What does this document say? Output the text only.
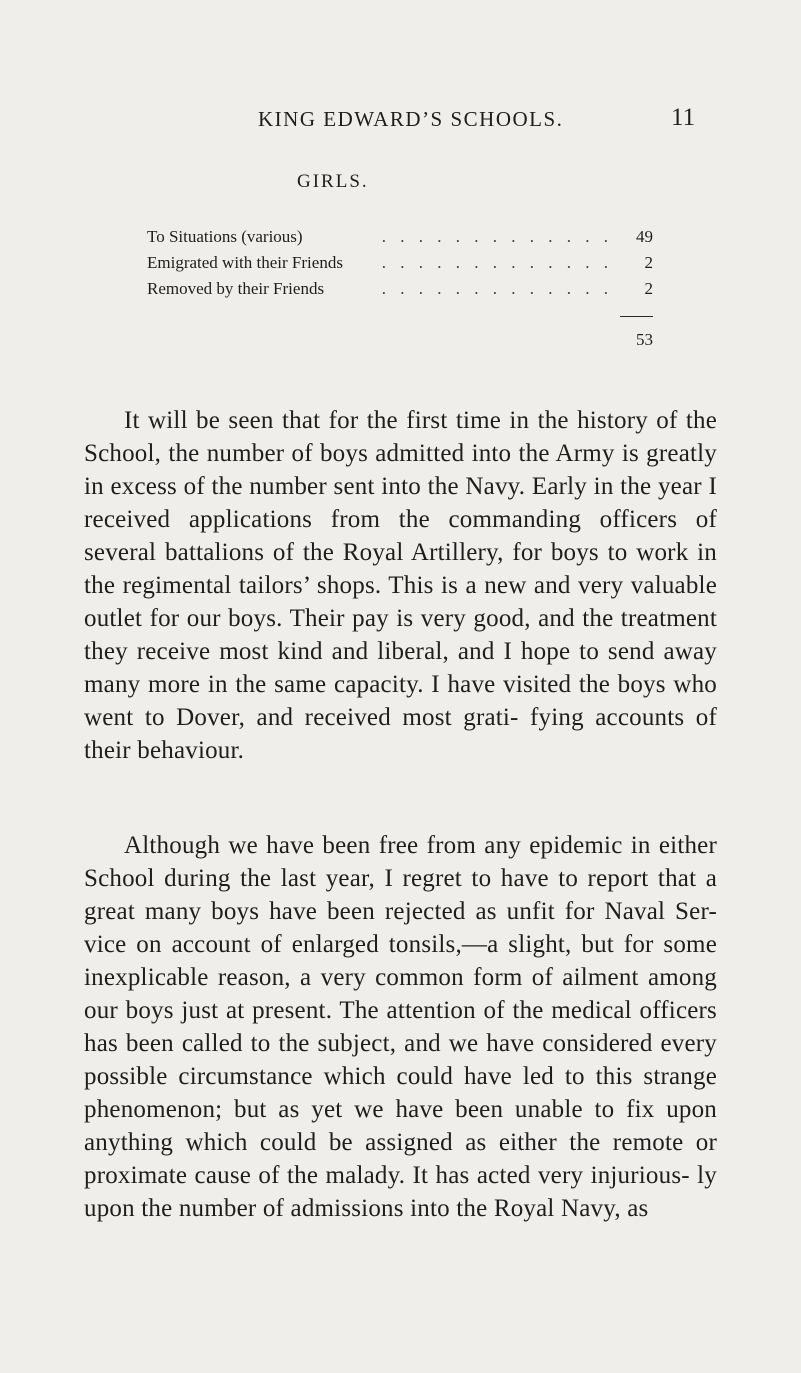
KING EDWARD’S SCHOOLS.	11
GIRLS.
. . . . . . . . . . . . .
To Situations (various)	49
. . . . . . . . . . . . .
Emigrated with their Friends	2
. . . . . . . . . . . . .
Removed by their Friends	2
53

It will be seen that for the first time in the history of the School, the number of boys admitted into the Army is greatly in excess of the number sent into the Navy. Early in the year I received applications from the commanding officers of several battalions of the Royal Artillery, for boys to work in the regimental tailors’ shops. This is a new and very valuable outlet for our boys. Their pay is very good, and the treatment they receive most kind and liberal, and I hope to send away many more in the same capacity. I have visited the boys who went to Dover, and received most grati- fying accounts of their behaviour.

Although we have been free from any epidemic in either School during the last year, I regret to have to report that a great many boys have been rejected as unfit for Naval Ser- vice on account of enlarged tonsils,—a slight, but for some inexplicable reason, a very common form of ailment among our boys just at present. The attention of the medical officers has been called to the subject, and we have considered every possible circumstance which could have led to this strange phenomenon; but as yet we have been unable to fix upon anything which could be assigned as either the remote or proximate cause of the malady. It has acted very injurious- ly upon the number of admissions into the Royal Navy, as
